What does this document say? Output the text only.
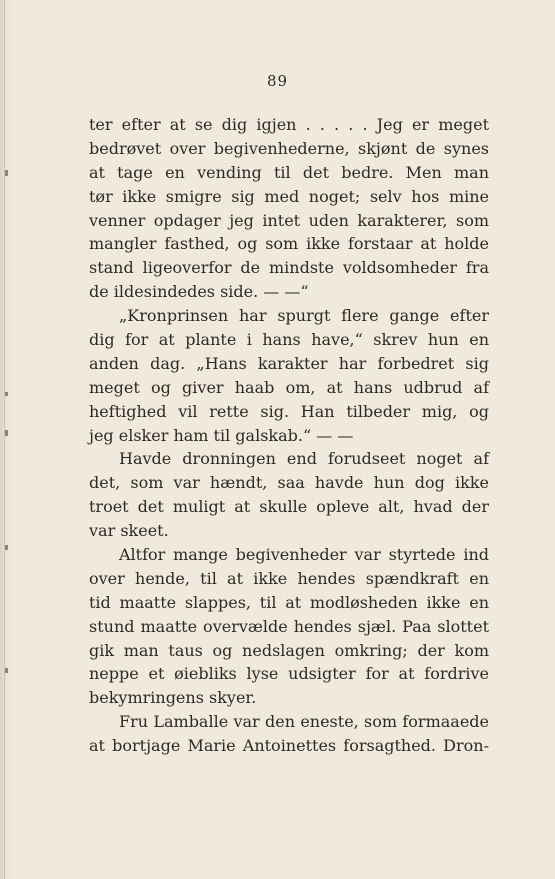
89
ter efter at se dig igjen . . . . . Jeg er meget
bedrøvet over begivenhederne, skjønt de synes
at tage en vending til det bedre. Men man
tør ikke smigre sig med noget; selv hos mine
venner opdager jeg intet uden karakterer, som
mangler fasthed, og som ikke forstaar at holde
stand ligeoverfor de mindste voldsomheder fra
de ildesindedes side. — —“
„Kronprinsen har spurgt flere gange efter
dig for at plante i hans have,“ skrev hun en
anden dag. „Hans karakter har forbedret sig
meget og giver haab om, at hans udbrud af
heftighed vil rette sig. Han tilbeder mig, og
jeg elsker ham til galskab.“ — —
Havde dronningen end forudseet noget af
det, som var hændt, saa havde hun dog ikke
troet det muligt at skulle opleve alt, hvad der
var skeet.
Altfor mange begivenheder var styrtede ind
over hende, til at ikke hendes spændkraft en
tid maatte slappes, til at modløsheden ikke en
stund maatte overvælde hendes sjæl. Paa slottet
gik man taus og nedslagen omkring; der kom
neppe et øiebliks lyse udsigter for at fordrive
bekymringens skyer.
Fru Lamballe var den eneste, som formaaede
at bortjage Marie Antoinettes forsagthed. Dron-
